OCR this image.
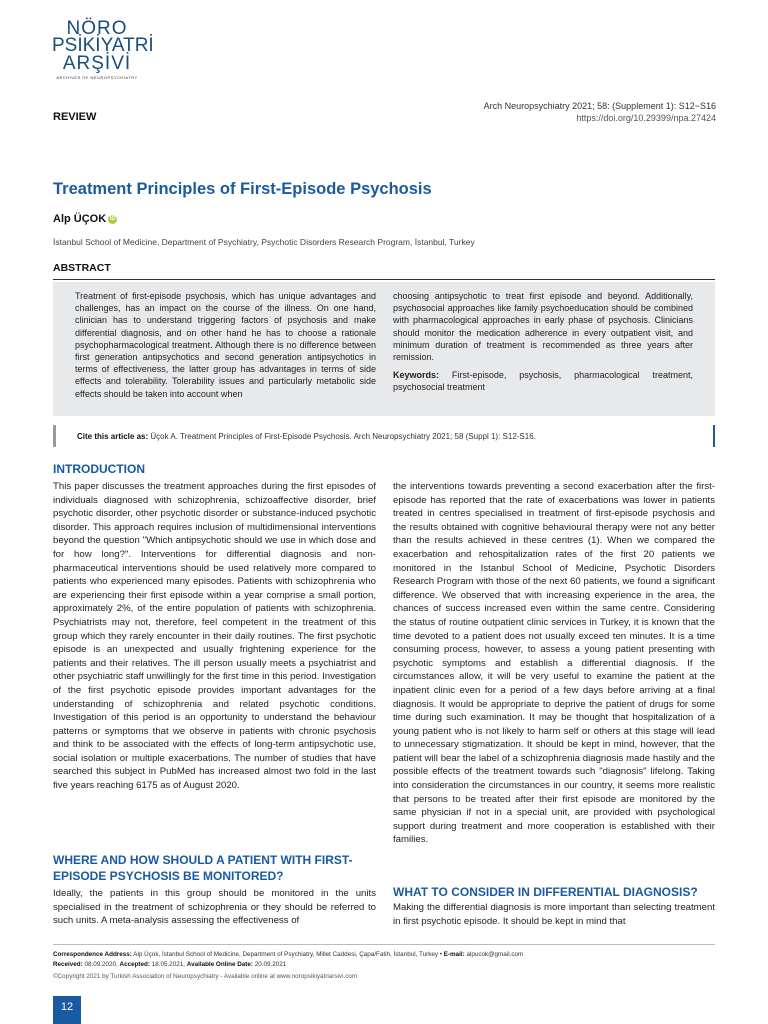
NÖRO
PSİKİYATRİ
ARŞİVİ
ARCHIVES OF NEUROPSYCHIATRY
REVIEW
Arch Neuropsychiatry 2021; 58: (Supplement 1): S12−S16
https://doi.org/10.29399/npa.27424
Treatment Principles of First-Episode Psychosis
Alp ÜÇOK iD
İstanbul School of Medicine, Department of Psychiatry, Psychotic Disorders Research Program, İstanbul, Turkey
ABSTRACT
Treatment of first-episode psychosis, which has unique advantages and challenges, has an impact on the course of the illness. On one hand, clinician has to understand triggering factors of psychosis and make differential diagnosis, and on other hand he has to choose a rationale psychopharmacological treatment. Although there is no difference between first generation antipsychotics and second generation antipsychotics in terms of effectiveness, the latter group has advantages in terms of side effects and tolerability. Tolerability issues and particularly metabolic side effects should be taken into account when
choosing antipsychotic to treat first episode and beyond. Additionally, psychosocial approaches like family psychoeducation should be combined with pharmacological approaches in early phase of psychosis. Clinicians should monitor the medication adherence in every outpatient visit, and minimum duration of treatment is recommended as three years after remission.
Keywords: First-episode, psychosis, pharmacological treatment, psychosocial treatment
Cite this article as: Üçok A. Treatment Principles of First-Episode Psychosis. Arch Neuropsychiatry 2021; 58 (Suppl 1): S12-S16.
INTRODUCTION
This paper discusses the treatment approaches during the first episodes of individuals diagnosed with schizophrenia, schizoaffective disorder, brief psychotic disorder, other psychotic disorder or substance-induced psychotic disorder. This approach requires inclusion of multidimensional interventions beyond the question "Which antipsychotic should we use in which dose and for how long?". Interventions for differential diagnosis and non-pharmaceutical interventions should be used relatively more compared to patients who experienced many episodes. Patients with schizophrenia who are experiencing their first episode within a year comprise a small portion, approximately 2%, of the entire population of patients with schizophrenia. Psychiatrists may not, therefore, feel competent in the treatment of this group which they rarely encounter in their daily routines. The first psychotic episode is an unexpected and usually frightening experience for the patients and their relatives. The ill person usually meets a psychiatrist and other psychiatric staff unwillingly for the first time in this period. Investigation of the first psychotic episode provides important advantages for the understanding of schizophrenia and related psychotic conditions. Investigation of this period is an opportunity to understand the behaviour patterns or symptoms that we observe in patients with chronic psychosis and think to be associated with the effects of long-term antipsychotic use, social isolation or multiple exacerbations. The number of studies that have searched this subject in PubMed has increased almost two fold in the last five years reaching 6175 as of August 2020.
the interventions towards preventing a second exacerbation after the first-episode has reported that the rate of exacerbations was lower in patients treated in centres specialised in treatment of first-episode psychosis and the results obtained with cognitive behavioural therapy were not any better than the results achieved in these centres (1). When we compared the exacerbation and rehospitalization rates of the first 20 patients we monitored in the Istanbul School of Medicine, Psychotic Disorders Research Program with those of the next 60 patients, we found a significant difference. We observed that with increasing experience in the area, the chances of success increased even within the same centre. Considering the status of routine outpatient clinic services in Turkey, it is known that the time devoted to a patient does not usually exceed ten minutes. It is a time consuming process, however, to assess a young patient presenting with psychotic symptoms and establish a differential diagnosis. If the circumstances allow, it will be very useful to examine the patient at the inpatient clinic even for a period of a few days before arriving at a final diagnosis. It would be appropriate to deprive the patient of drugs for some time during such examination. It may be thought that hospitalization of a young patient who is not likely to harm self or others at this stage will lead to unnecessary stigmatization. It should be kept in mind, however, that the patient will bear the label of a schizophrenia diagnosis made hastily and the possible effects of the treatment towards such "diagnosis" lifelong. Taking into consideration the circumstances in our country, it seems more realistic that persons to be treated after their first episode are monitored by the same physician if not in a special unit, are provided with psychological support during treatment and more cooperation is established with their families.
WHERE AND HOW SHOULD A PATIENT WITH FIRST-EPISODE PSYCHOSIS BE MONITORED?
Ideally, the patients in this group should be monitored in the units specialised in the treatment of schizophrenia or they should be referred to such units. A meta-analysis assessing the effectiveness of
WHAT TO CONSIDER IN DIFFERENTIAL DIAGNOSIS?
Making the differential diagnosis is more important than selecting treatment in first psychotic episode. It should be kept in mind that
Correspondence Address: Alp Üçok, İstanbul School of Medicine, Department of Psychiatry, Millet Caddesi, Çapa/Fatih, İstanbul, Turkey • E-mail: alpucok@gmail.com
Received: 08.09.2020, Accepted: 18.05.2021, Available Online Date: 20.09.2021
©Copyright 2021 by Turkish Association of Neuropsychiatry - Available online at www.noropsikiyatriarsivi.com
12
